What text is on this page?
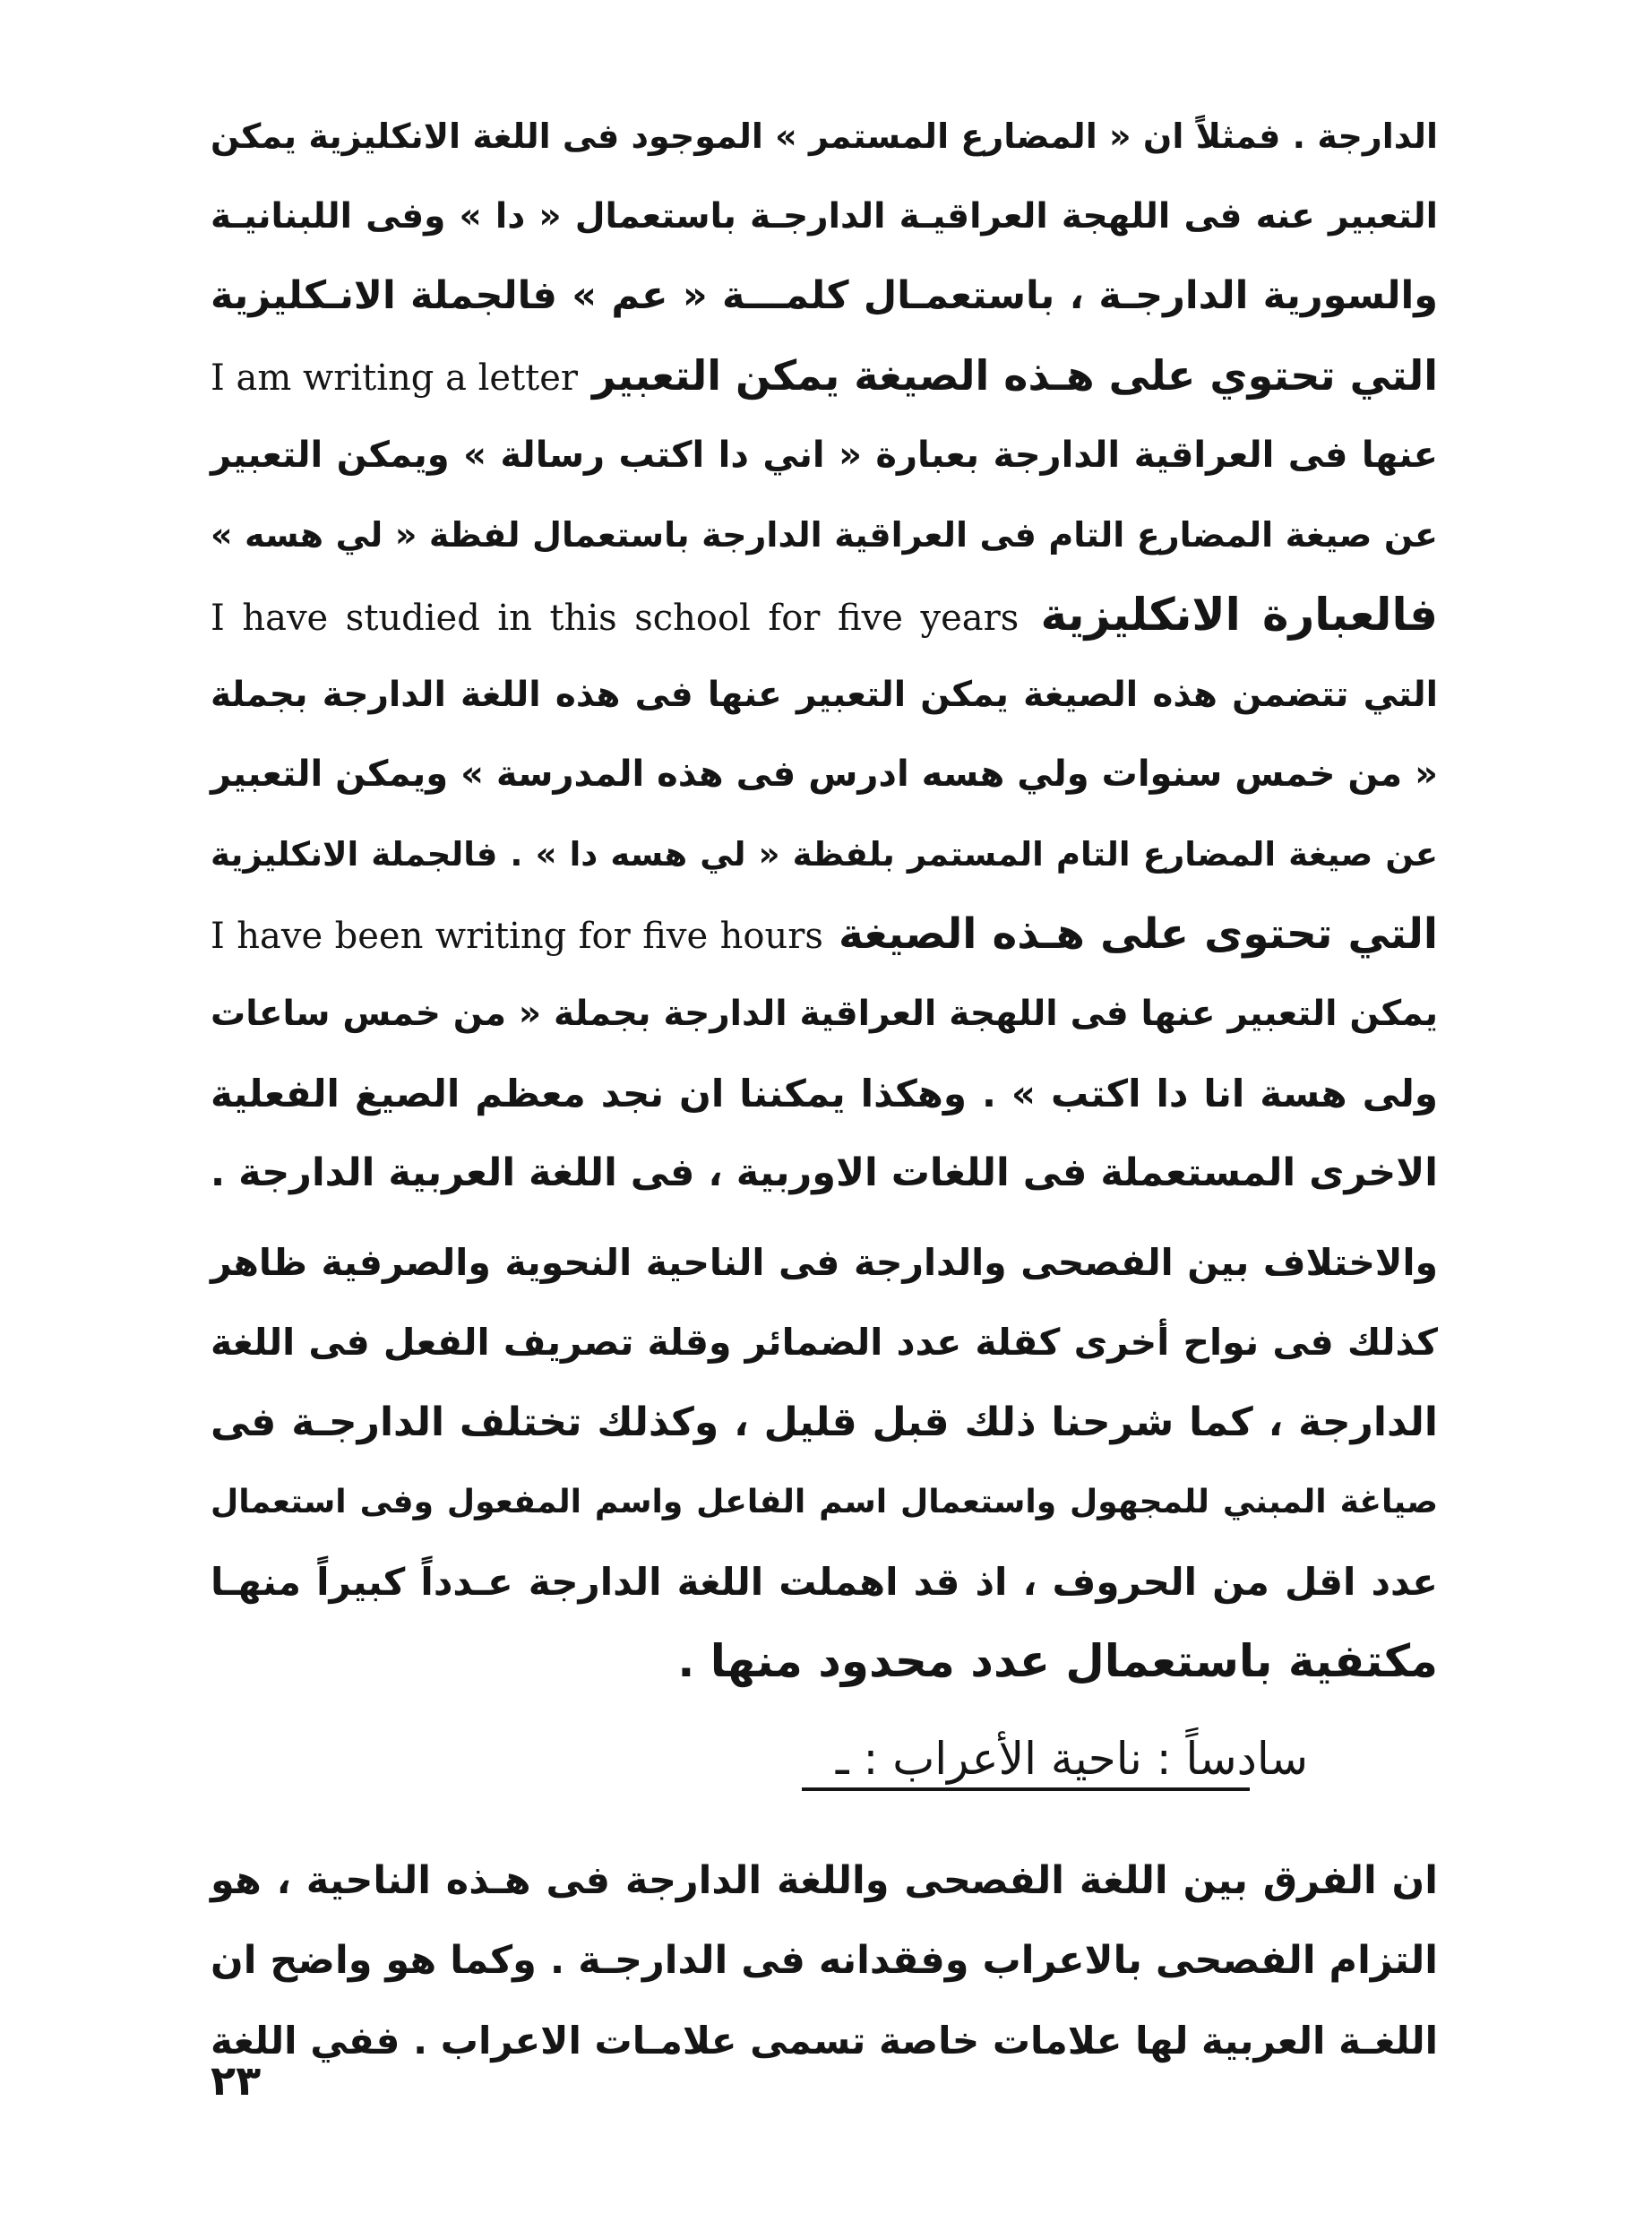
الدارجة . فمثلاً ان « المضارع المستمر » الموجود فى اللغة الانكليزية يمكن
التعبير عنه فى اللهجة العراقيـة الدارجـة باستعمال « دا » وفى اللبنانيـة
والسورية الدارجـة ، باستعمـال كلمـــة « عم » فالجملة الانـكليزية
التي تحتوي على هـذه الصيغة يمكن التعبير I am writing a letter
عنها فى العراقية الدارجة بعبارة « اني دا اكتب رسالة » ويمكن التعبير
عن صيغة المضارع التام فى العراقية الدارجة باستعمال لفظة « لي هسه »
فالعبارة الانكليزية I have studied in this school for five years
التي تتضمن هذه الصيغة يمكن التعبير عنها فى هذه اللغة الدارجة بجملة
« من خمس سنوات ولي هسه ادرس فى هذه المدرسة » ويمكن التعبير
عن صيغة المضارع التام المستمر بلفظة « لي هسه دا » . فالجملة الانكليزية
التي تحتوى على هـذه الصيغة I have been writing for five hours
يمكن التعبير عنها فى اللهجة العراقية الدارجة بجملة « من خمس ساعات
ولى هسة انا دا اكتب » . وهكذا يمكننا ان نجد معظم الصيغ الفعلية
الاخرى المستعملة فى اللغات الاوربية ، فى اللغة العربية الدارجة .
والاختلاف بين الفصحى والدارجة فى الناحية النحوية والصرفية ظاهر
كذلك فى نواح أخرى كقلة عدد الضمائر وقلة تصريف الفعل فى اللغة
الدارجة ، كما شرحنا ذلك قبل قليل ، وكذلك تختلف الدارجـة فى
صياغة المبني للمجهول واستعمال اسم الفاعل واسم المفعول وفى استعمال
عدد اقل من الحروف ، اذ قد اهملت اللغة الدارجة عـدداً كبيراً منهـا
مكتفية باستعمال عدد محدود منها .
سادساً : ناحية الأعراب : ـ
ان الفرق بين اللغة الفصحى واللغة الدارجة فى هـذه الناحية ، هو
التزام الفصحى بالاعراب وفقدانه فى الدارجـة . وكما هو واضح ان
اللغـة العربية لها علامات خاصة تسمى علامـات الاعراب . ففي اللغة
٢٣
